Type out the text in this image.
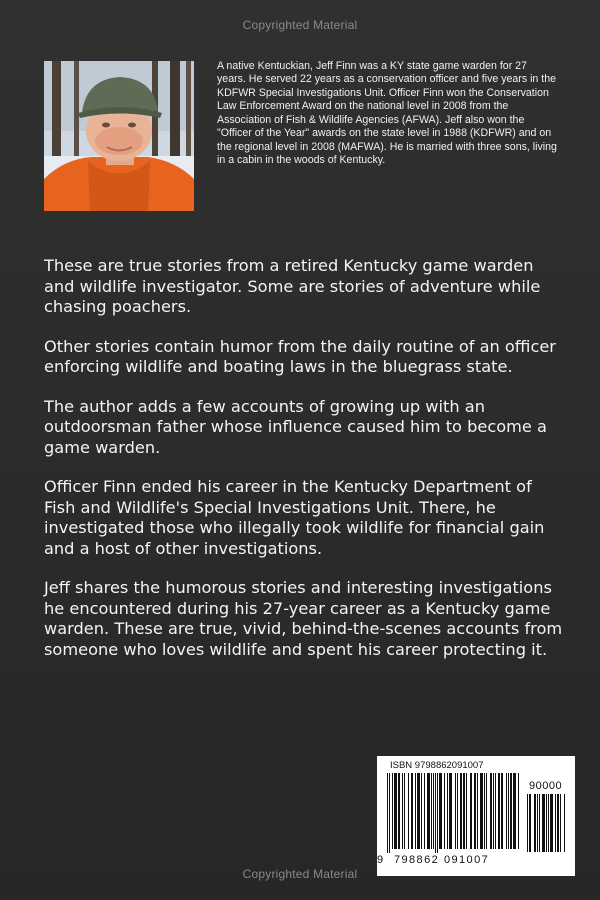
Copyrighted Material
A native Kentuckian, Jeff Finn was a KY state game warden for 27 years. He served 22 years as a conservation officer and five years in the KDFWR Special Investigations Unit. Officer Finn won the Conservation Law Enforcement Award on the national level in 2008 from the Association of Fish & Wildlife Agencies (AFWA). Jeff also won the "Officer of the Year" awards on the state level in 1988 (KDFWR) and on the regional level in 2008 (MAFWA). He is married with three sons, living in a cabin in the woods of Kentucky.

These are true stories from a retired Kentucky game warden and wildlife investigator. Some are stories of adventure while chasing poachers.

Other stories contain humor from the daily routine of an officer enforcing wildlife and boating laws in the bluegrass state.

The author adds a few accounts of growing up with an outdoorsman father whose influence caused him to become a game warden.

Officer Finn ended his career in the Kentucky Department of Fish and Wildlife's Special Investigations Unit. There, he investigated those who illegally took wildlife for financial gain and a host of other investigations.

Jeff shares the humorous stories and interesting investigations he encountered during his 27-year career as a Kentucky game warden. These are true, vivid, behind-the-scenes accounts from someone who loves wildlife and spent his career protecting it.

ISBN 9798862091007
90000
9 798862 091007
Copyrighted Material
